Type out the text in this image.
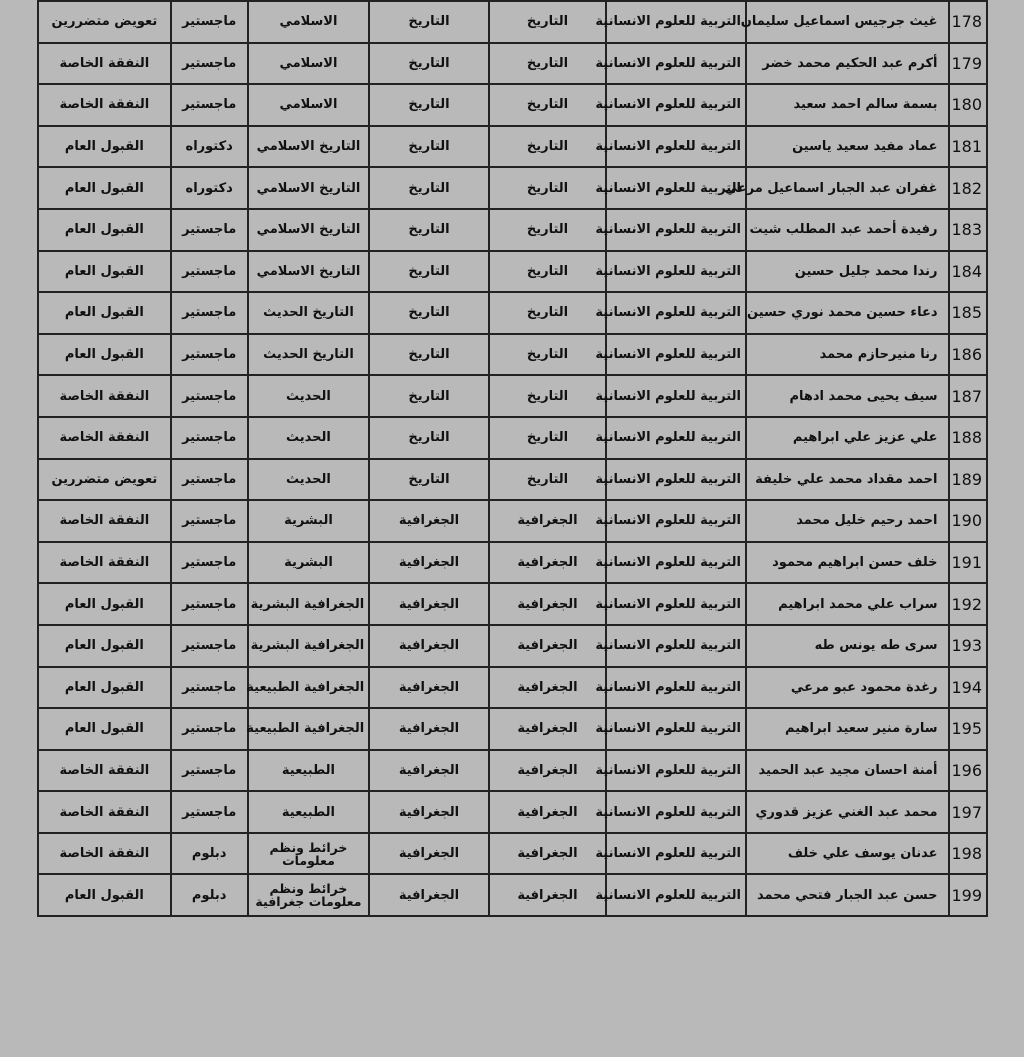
178	غيث جرجيس اسماعيل سليمان	التربية للعلوم الانسانية	التاريخ	التاريخ	الاسلامي	ماجستير	تعويض متضررين
179	أكرم عبد الحكيم محمد خضر	التربية للعلوم الانسانية	التاريخ	التاريخ	الاسلامي	ماجستير	النفقة الخاصة
180	بسمة سالم احمد سعيد	التربية للعلوم الانسانية	التاريخ	التاريخ	الاسلامي	ماجستير	النفقة الخاصة
181	عماد مفيد سعيد ياسين	التربية للعلوم الانسانية	التاريخ	التاريخ	التاريخ الاسلامي	دكتوراه	القبول العام
182	غفران عبد الجبار اسماعيل مرعي	التربية للعلوم الانسانية	التاريخ	التاريخ	التاريخ الاسلامي	دكتوراه	القبول العام
183	رفيدة أحمد عبد المطلب شيت	التربية للعلوم الانسانية	التاريخ	التاريخ	التاريخ الاسلامي	ماجستير	القبول العام
184	رندا محمد جليل حسين	التربية للعلوم الانسانية	التاريخ	التاريخ	التاريخ الاسلامي	ماجستير	القبول العام
185	دعاء حسين محمد نوري حسين	التربية للعلوم الانسانية	التاريخ	التاريخ	التاريخ الحديث	ماجستير	القبول العام
186	رنا منيرحازم محمد	التربية للعلوم الانسانية	التاريخ	التاريخ	التاريخ الحديث	ماجستير	القبول العام
187	سيف يحيى محمد ادهام	التربية للعلوم الانسانية	التاريخ	التاريخ	الحديث	ماجستير	النفقة الخاصة
188	علي عزيز علي ابراهيم	التربية للعلوم الانسانية	التاريخ	التاريخ	الحديث	ماجستير	النفقة الخاصة
189	احمد مقداد محمد علي خليفة	التربية للعلوم الانسانية	التاريخ	التاريخ	الحديث	ماجستير	تعويض متضررين
190	احمد رحيم خليل محمد	التربية للعلوم الانسانية	الجغرافية	الجغرافية	البشرية	ماجستير	النفقة الخاصة
191	خلف حسن ابراهيم محمود	التربية للعلوم الانسانية	الجغرافية	الجغرافية	البشرية	ماجستير	النفقة الخاصة
192	سراب علي محمد ابراهيم	التربية للعلوم الانسانية	الجغرافية	الجغرافية	الجغرافية البشرية	ماجستير	القبول العام
193	سرى طه يونس طه	التربية للعلوم الانسانية	الجغرافية	الجغرافية	الجغرافية البشرية	ماجستير	القبول العام
194	رغدة محمود عبو مرعي	التربية للعلوم الانسانية	الجغرافية	الجغرافية	الجغرافية الطبيعية	ماجستير	القبول العام
195	سارة منير سعيد ابراهيم	التربية للعلوم الانسانية	الجغرافية	الجغرافية	الجغرافية الطبيعية	ماجستير	القبول العام
196	أمنة احسان مجيد عبد الحميد	التربية للعلوم الانسانية	الجغرافية	الجغرافية	الطبيعية	ماجستير	النفقة الخاصة
197	محمد عبد الغني عزيز قدوري	التربية للعلوم الانسانية	الجغرافية	الجغرافية	الطبيعية	ماجستير	النفقة الخاصة
198	عدنان يوسف علي خلف	التربية للعلوم الانسانية	الجغرافية	الجغرافية	خرائط ونظم معلومات	دبلوم	النفقة الخاصة
199	حسن عبد الجبار فتحي محمد	التربية للعلوم الانسانية	الجغرافية	الجغرافية	خرائط ونظم معلومات جغرافية	دبلوم	القبول العام
